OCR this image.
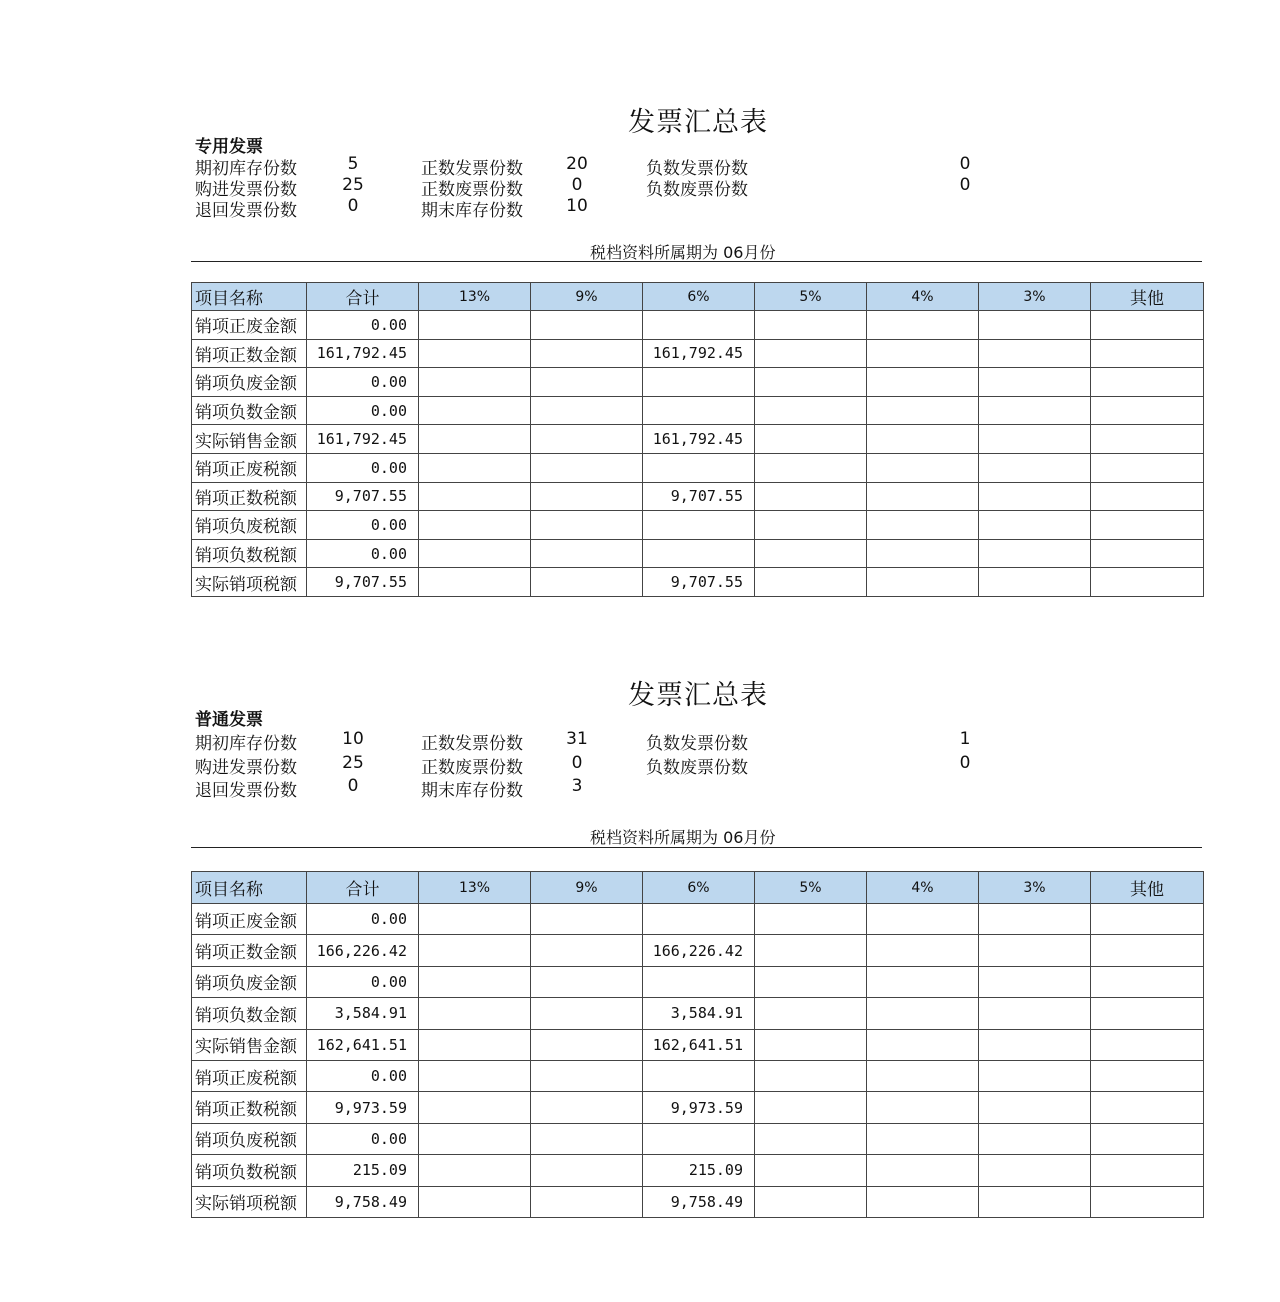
发票汇总表
专用发票
期初库存份数	5	正数发票份数	20	负数发票份数	0
购进发票份数	25	正数废票份数	0	负数废票份数	0
退回发票份数	0	期末库存份数	10
税档资料所属期为 06月份
项目名称	合计	13%	9%	6%	5%	4%	3%	其他
销项正废金额	0.00							
销项正数金额	161,792.45			161,792.45				
销项负废金额	0.00							
销项负数金额	0.00							
实际销售金额	161,792.45			161,792.45				
销项正废税额	0.00							
销项正数税额	9,707.55			9,707.55				
销项负废税额	0.00							
销项负数税额	0.00							
实际销项税额	9,707.55			9,707.55				
发票汇总表
普通发票
期初库存份数	10	正数发票份数	31	负数发票份数	1
购进发票份数	25	正数废票份数	0	负数废票份数	0
退回发票份数	0	期末库存份数	3
税档资料所属期为 06月份
项目名称	合计	13%	9%	6%	5%	4%	3%	其他
销项正废金额	0.00							
销项正数金额	166,226.42			166,226.42				
销项负废金额	0.00							
销项负数金额	3,584.91			3,584.91				
实际销售金额	162,641.51			162,641.51				
销项正废税额	0.00							
销项正数税额	9,973.59			9,973.59				
销项负废税额	0.00							
销项负数税额	215.09			215.09				
实际销项税额	9,758.49			9,758.49				
